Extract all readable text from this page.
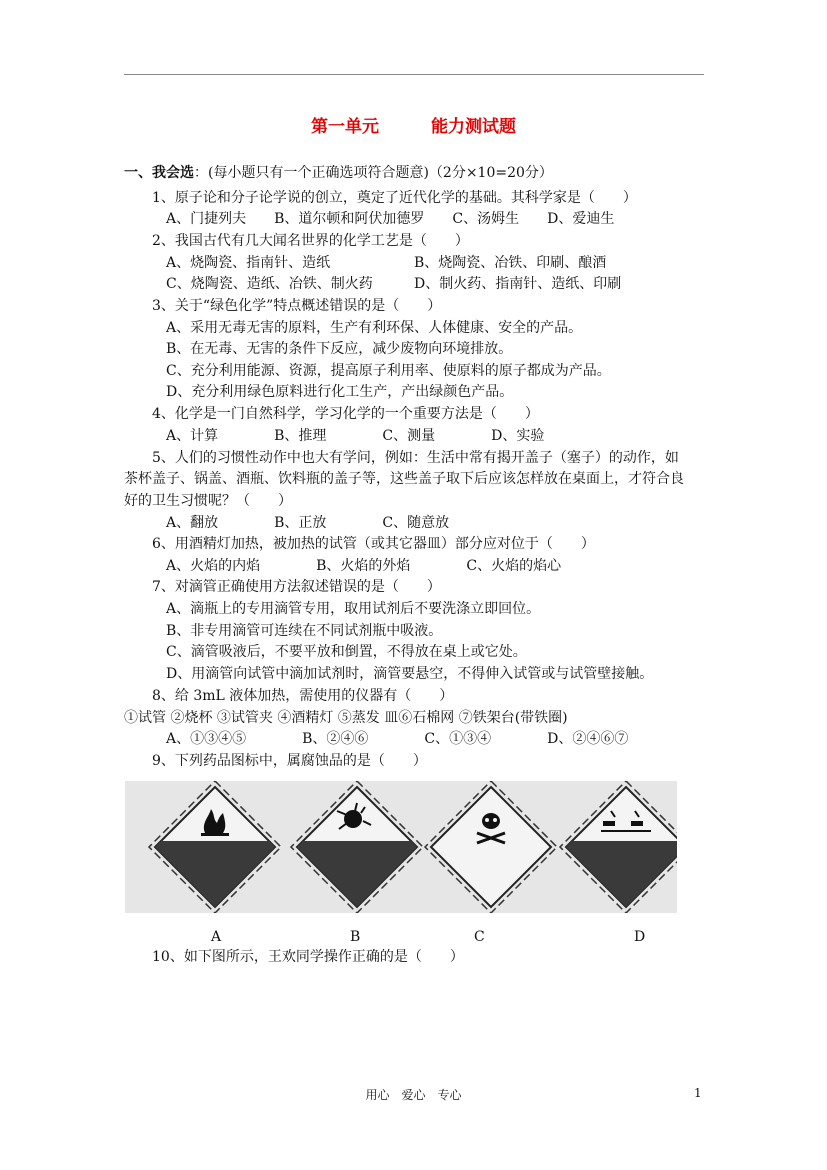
第一单元	能力测试题
一、我会选：(每小题只有一个正确选项符合题意)（2分×10=20分）
1、原子论和分子论学说的创立，奠定了近代化学的基础。其科学家是（　　）
A、门捷列夫　　B、道尔顿和阿伏加德罗　　C、汤姆生　　D、爱迪生
2、我国古代有几大闻名世界的化学工艺是（　　）
A、烧陶瓷、指南针、造纸	B、烧陶瓷、冶铁、印刷、酿酒
C、烧陶瓷、造纸、冶铁、制火药	D、制火药、指南针、造纸、印刷
3、关于“绿色化学”特点概述错误的是（　　）
A、采用无毒无害的原料，生产有利环保、人体健康、安全的产品。
B、在无毒、无害的条件下反应，减少废物向环境排放。
C、充分利用能源、资源，提高原子利用率、使原料的原子都成为产品。
D、充分利用绿色原料进行化工生产，产出绿颜色产品。
4、化学是一门自然科学，学习化学的一个重要方法是（　　）
A、计算　　　　B、推理　　　　C、测量　　　　D、实验
5、人们的习惯性动作中也大有学问，例如：生活中常有揭开盖子（塞子）的动作，如
茶杯盖子、锅盖、酒瓶、饮料瓶的盖子等，这些盖子取下后应该怎样放在桌面上，才符合良
好的卫生习惯呢？（　　）
A、翻放　　　　B、正放　　　　C、随意放
6、用酒精灯加热，被加热的试管（或其它器皿）部分应对位于（　　）
A、火焰的内焰　　　　B、火焰的外焰　　　　C、火焰的焰心
7、对滴管正确使用方法叙述错误的是（　　）
A、滴瓶上的专用滴管专用，取用试剂后不要洗涤立即回位。
B、非专用滴管可连续在不同试剂瓶中吸液。
C、滴管吸液后，不要平放和倒置，不得放在桌上或它处。
D、用滴管向试管中滴加试剂时，滴管要悬空，不得伸入试管或与试管壁接触。
8、给 3mL 液体加热，需使用的仪器有（　　）
①试管 ②烧杯 ③试管夹 ④酒精灯 ⑤蒸发 皿⑥石棉网 ⑦铁架台(带铁圈)
A、①③④⑤　　　　B、②④⑥　　　　C、①③④　　　　D、②④⑥⑦
9、下列药品图标中，属腐蚀品的是（　　）
A	B	C	D
10、如下图所示，王欢同学操作正确的是（　　）
用心　爱心　专心	1
